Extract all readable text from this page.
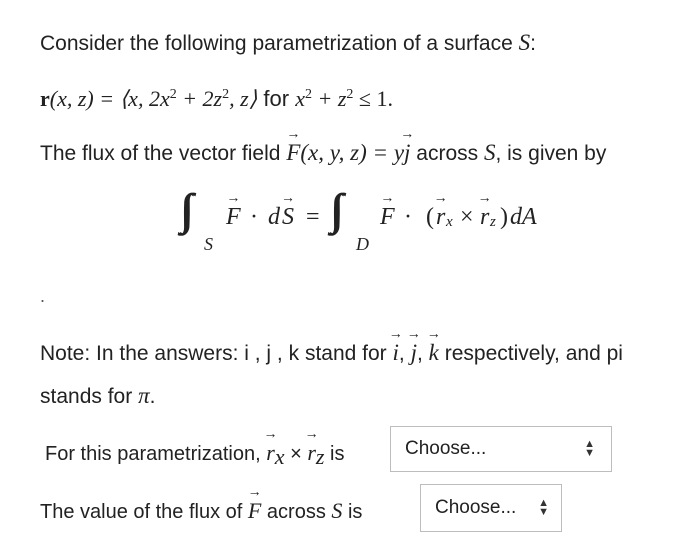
Consider the following parametrization of a surface S:
r(x, z) = ⟨x, $2x^2 + 2z^2$, z⟩ for $x^2 + z^2 \le 1$.
The flux of the vector field → F(x, y, z) = y→ j across S, is given by
S
→ F · d → S =
D
→ F · ( → r x × → r z ) dA
.
Note: In the answers: i , j , k stand for → i, → j, → k respectively, and pi
stands for π.
For this parametrization, → $r_x$ × → $r_z$ is	Choose...	▲
▼
The value of the flux of → F across S is	Choose... ▲
▼
